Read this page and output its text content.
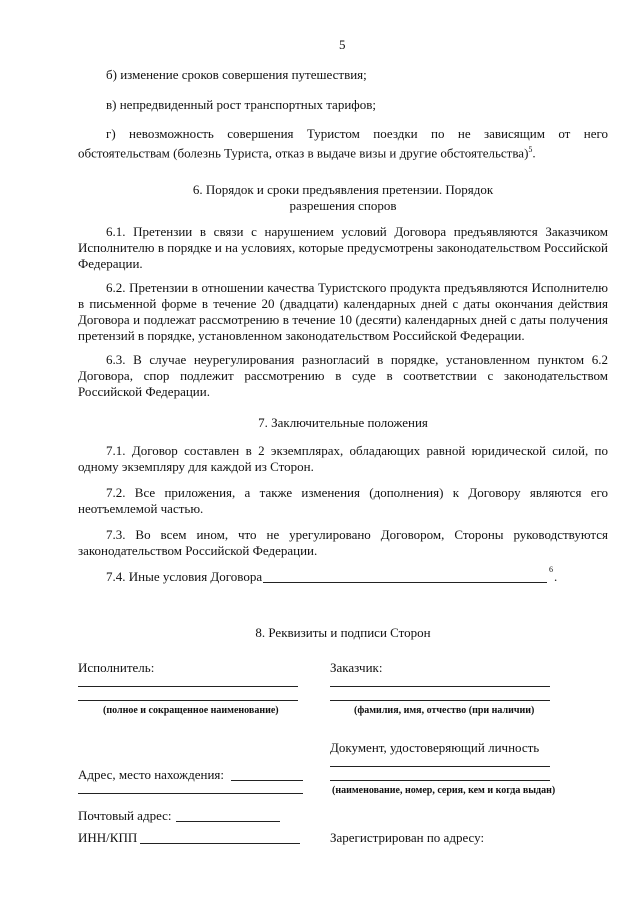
5
б) изменение сроков совершения путешествия;
в) непредвиденный рост транспортных тарифов;
г) невозможность совершения Туристом поездки по не зависящим от него обстоятельствам (болезнь Туриста, отказ в выдаче визы и другие обстоятельства)$^5$.
6. Порядок и сроки предъявления претензии. Порядок
разрешения споров
6.1. Претензии в связи с нарушением условий Договора предъявляются Заказчиком Исполнителю в порядке и на условиях, которые предусмотрены законодательством Российской Федерации.
6.2. Претензии в отношении качества Туристского продукта предъявляются Исполнителю в письменной форме в течение 20 (двадцати) календарных дней с даты окончания действия Договора и подлежат рассмотрению в течение 10 (десяти) календарных дней с даты получения претензий в порядке, установленном законодательством Российской Федерации.
6.3. В случае неурегулирования разногласий в порядке, установленном пунктом 6.2 Договора, спор подлежит рассмотрению в суде в соответствии с законодательством Российской Федерации.
7. Заключительные положения
7.1. Договор составлен в 2 экземплярах, обладающих равной юридической силой, по одному экземпляру для каждой из Сторон.
7.2. Все приложения, а также изменения (дополнения) к Договору являются его неотъемлемой частью.
7.3. Во всем ином, что не урегулировано Договором, Стороны руководствуются законодательством Российской Федерации.
7.4. Иные условия Договора	6 .
8. Реквизиты и подписи Сторон
Исполнитель:
(полное и сокращенное наименование)
Адрес, место нахождения:
Почтовый адрес:
ИНН/КПП
Заказчик:
(фамилия, имя, отчество (при наличии)
Документ, удостоверяющий личность
(наименование, номер, серия, кем и когда выдан)
Зарегистрирован по адресу:
